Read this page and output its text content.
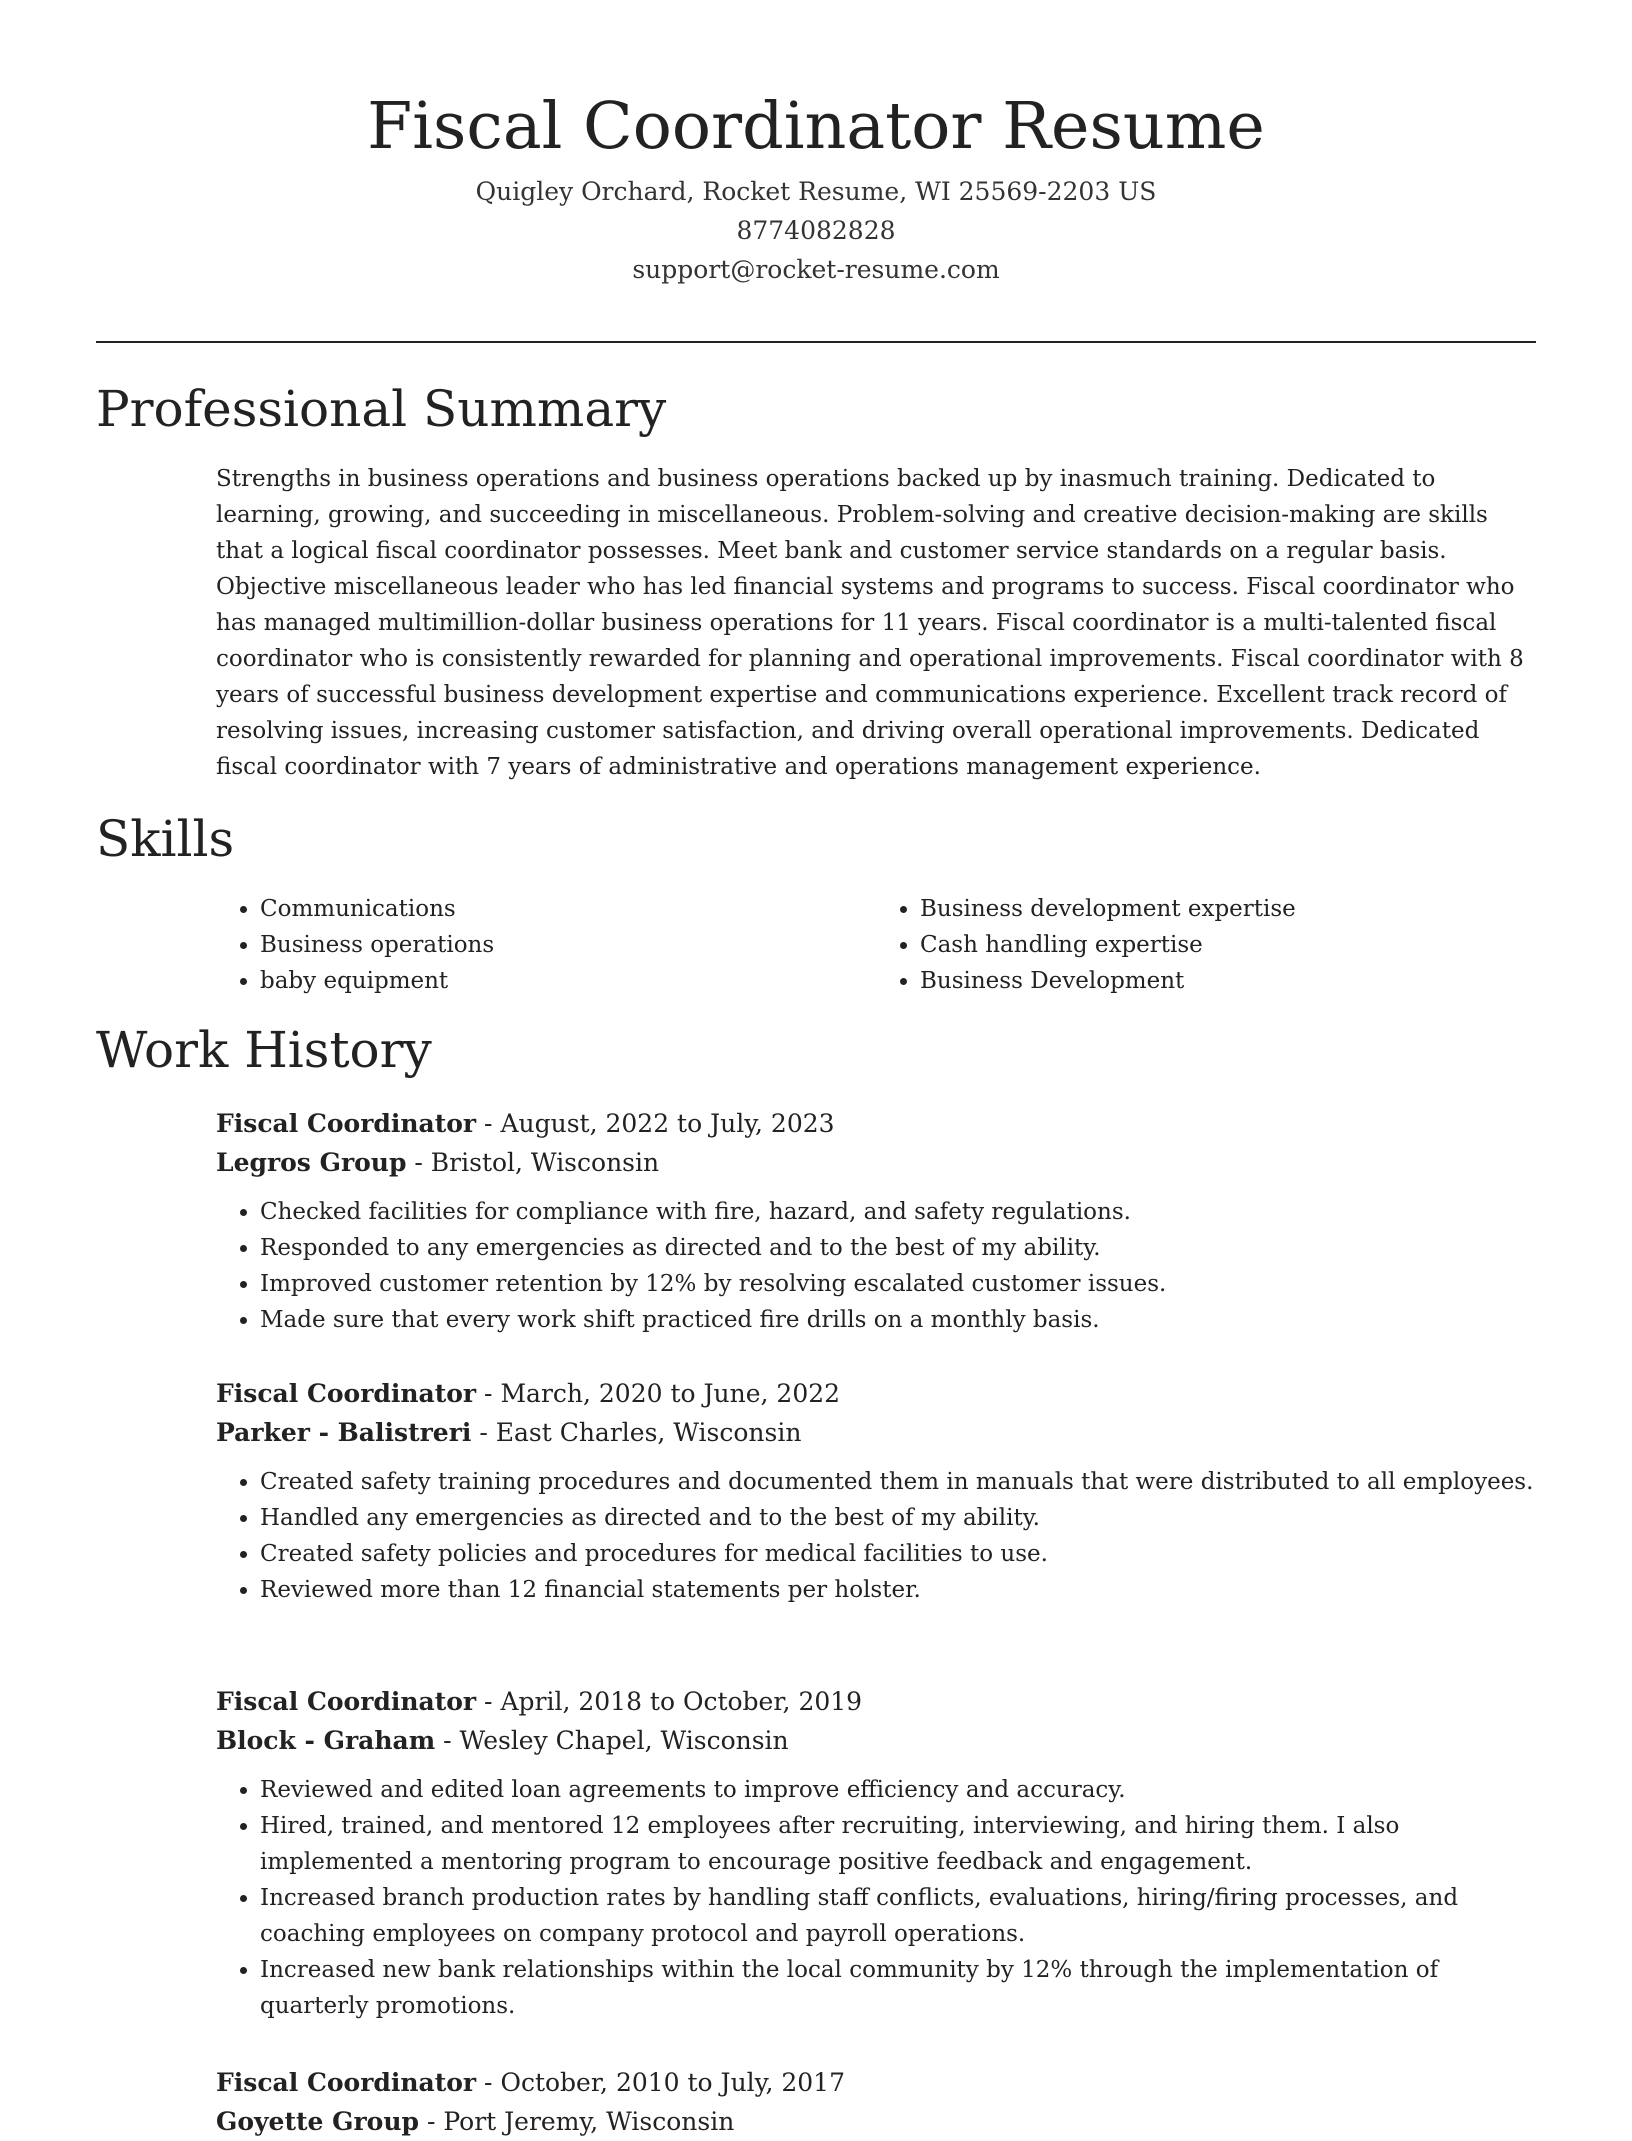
Fiscal Coordinator Resume
Quigley Orchard, Rocket Resume, WI 25569-2203 US
8774082828
support@rocket-resume.com
Professional Summary

Strengths in business operations and business operations backed up by inasmuch training. Dedicated to learning, growing, and succeeding in miscellaneous. Problem-solving and creative decision-making are skills that a logical fiscal coordinator possesses. Meet bank and customer service standards on a regular basis. Objective miscellaneous leader who has led financial systems and programs to success. Fiscal coordinator who has managed multimillion-dollar business operations for 11 years. Fiscal coordinator is a multi-talented fiscal coordinator who is consistently rewarded for planning and operational improvements. Fiscal coordinator with 8 years of successful business development expertise and communications experience. Excellent track record of resolving issues, increasing customer satisfaction, and driving overall operational improvements. Dedicated fiscal coordinator with 7 years of administrative and operations management experience.

Skills
• Communications
• Business operations
• baby equipment
• Business development expertise
• Cash handling expertise
• Business Development
Work History
Fiscal Coordinator - August, 2022 to July, 2023
Legros Group - Bristol, Wisconsin
• Checked facilities for compliance with fire, hazard, and safety regulations.
• Responded to any emergencies as directed and to the best of my ability.
• Improved customer retention by 12% by resolving escalated customer issues.
• Made sure that every work shift practiced fire drills on a monthly basis.
Fiscal Coordinator - March, 2020 to June, 2022
Parker - Balistreri - East Charles, Wisconsin
• Created safety training procedures and documented them in manuals that were distributed to all employees.
• Handled any emergencies as directed and to the best of my ability.
• Created safety policies and procedures for medical facilities to use.
• Reviewed more than 12 financial statements per holster.
Fiscal Coordinator - April, 2018 to October, 2019
Block - Graham - Wesley Chapel, Wisconsin
• Reviewed and edited loan agreements to improve efficiency and accuracy.
• Hired, trained, and mentored 12 employees after recruiting, interviewing, and hiring them. I also implemented a mentoring program to encourage positive feedback and engagement.
• Increased branch production rates by handling staff conflicts, evaluations, hiring/firing processes, and coaching employees on company protocol and payroll operations.
• Increased new bank relationships within the local community by 12% through the implementation of quarterly promotions.
Fiscal Coordinator - October, 2010 to July, 2017
Goyette Group - Port Jeremy, Wisconsin
